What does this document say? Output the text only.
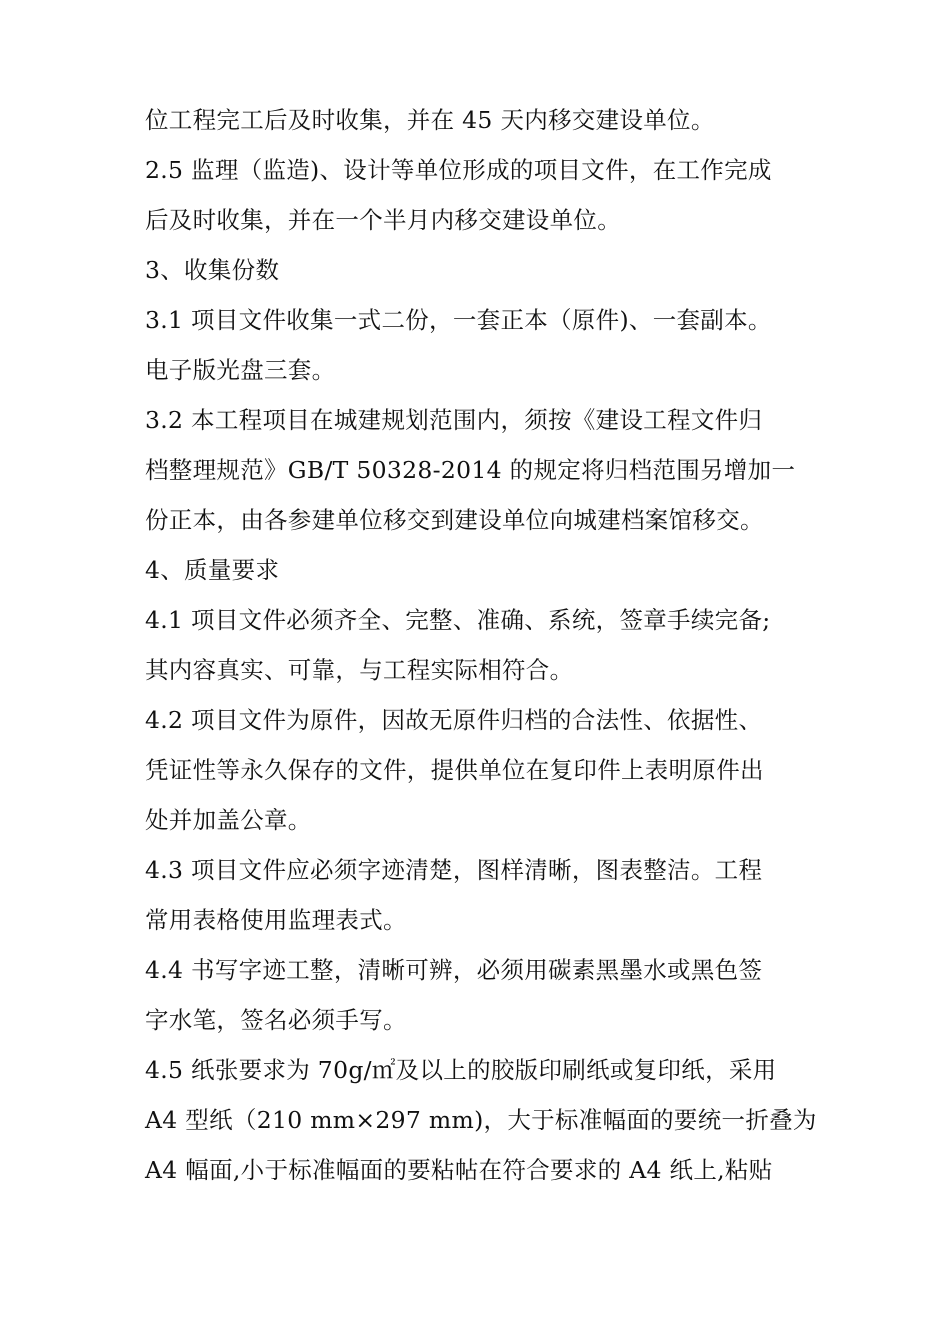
位工程完工后及时收集，并在 45 天内移交建设单位。
2.5 监理（监造)、设计等单位形成的项目文件，在工作完成
后及时收集，并在一个半月内移交建设单位。
3、收集份数
3.1 项目文件收集一式二份，一套正本（原件)、一套副本。
电子版光盘三套。
3.2 本工程项目在城建规划范围内，须按《建设工程文件归
档整理规范》GB/T 50328-2014 的规定将归档范围另增加一
份正本，由各参建单位移交到建设单位向城建档案馆移交。
4、质量要求
4.1 项目文件必须齐全、完整、准确、系统，签章手续完备;
其内容真实、可靠，与工程实际相符合。
4.2 项目文件为原件，因故无原件归档的合法性、依据性、
凭证性等永久保存的文件，提供单位在复印件上表明原件出
处并加盖公章。
4.3 项目文件应必须字迹清楚，图样清晰，图表整洁。工程
常用表格使用监理表式。
4.4 书写字迹工整，清晰可辨，必须用碳素黑墨水或黑色签
字水笔，签名必须手写。
4.5 纸张要求为 70g/㎡及以上的胶版印刷纸或复印纸，采用
A4 型纸（210 mm×297 mm)，大于标准幅面的要统一折叠为
A4 幅面,小于标准幅面的要粘帖在符合要求的 A4 纸上,粘贴
